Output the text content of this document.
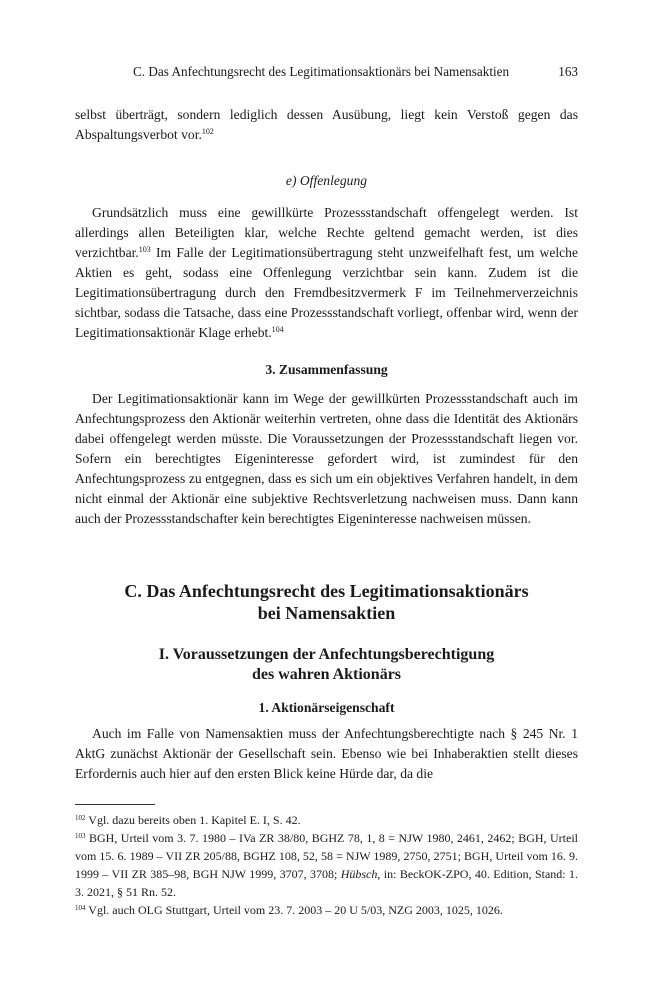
C. Das Anfechtungsrecht des Legitimationsaktionärs bei Namensaktien	163

selbst überträgt, sondern lediglich dessen Ausübung, liegt kein Verstoß gegen das Abspaltungsverbot vor.$^{102}$

e) Offenlegung

Grundsätzlich muss eine gewillkürte Prozessstandschaft offengelegt werden. Ist allerdings allen Beteiligten klar, welche Rechte geltend gemacht werden, ist dies verzichtbar.$^{103}$ Im Falle der Legitimationsübertragung steht unzweifelhaft fest, um welche Aktien es geht, sodass eine Offenlegung verzichtbar sein kann. Zudem ist die Legitimationsübertragung durch den Fremdbesitzvermerk F im Teilnehmerverzeichnis sichtbar, sodass die Tatsache, dass eine Prozessstandschaft vorliegt, offenbar wird, wenn der Legitimationsaktionär Klage erhebt.$^{104}$

3. Zusammenfassung

Der Legitimationsaktionär kann im Wege der gewillkürten Prozessstandschaft auch im Anfechtungsprozess den Aktionär weiterhin vertreten, ohne dass die Identität des Aktionärs dabei offengelegt werden müsste. Die Voraussetzungen der Prozessstandschaft liegen vor. Sofern ein berechtigtes Eigeninteresse gefordert wird, ist zumindest für den Anfechtungsprozess zu entgegnen, dass es sich um ein objektives Verfahren handelt, in dem nicht einmal der Aktionär eine subjektive Rechtsverletzung nachweisen muss. Dann kann auch der Prozessstandschafter kein berechtigtes Eigeninteresse nachweisen müssen.

C. Das Anfechtungsrecht des Legitimationsaktionärs
bei Namensaktien
I. Voraussetzungen der Anfechtungsberechtigung
des wahren Aktionärs

1. Aktionärseigenschaft

Auch im Falle von Namensaktien muss der Anfechtungsberechtigte nach § 245 Nr. 1 AktG zunächst Aktionär der Gesellschaft sein. Ebenso wie bei Inhaberaktien stellt dieses Erfordernis auch hier auf den ersten Blick keine Hürde dar, da die

$^{102}$ Vgl. dazu bereits oben 1. Kapitel E. I, S. 42.

$^{103}$ BGH, Urteil vom 3. 7. 1980 – IVa ZR 38/80, BGHZ 78, 1, 8 = NJW 1980, 2461, 2462; BGH, Urteil vom 15. 6. 1989 – VII ZR 205/88, BGHZ 108, 52, 58 = NJW 1989, 2750, 2751; BGH, Urteil vom 16. 9. 1999 – VII ZR 385–98, BGH NJW 1999, 3707, 3708; Hübsch, in: BeckOK-ZPO, 40. Edition, Stand: 1. 3. 2021, § 51 Rn. 52.

$^{104}$ Vgl. auch OLG Stuttgart, Urteil vom 23. 7. 2003 – 20 U 5/03, NZG 2003, 1025, 1026.
